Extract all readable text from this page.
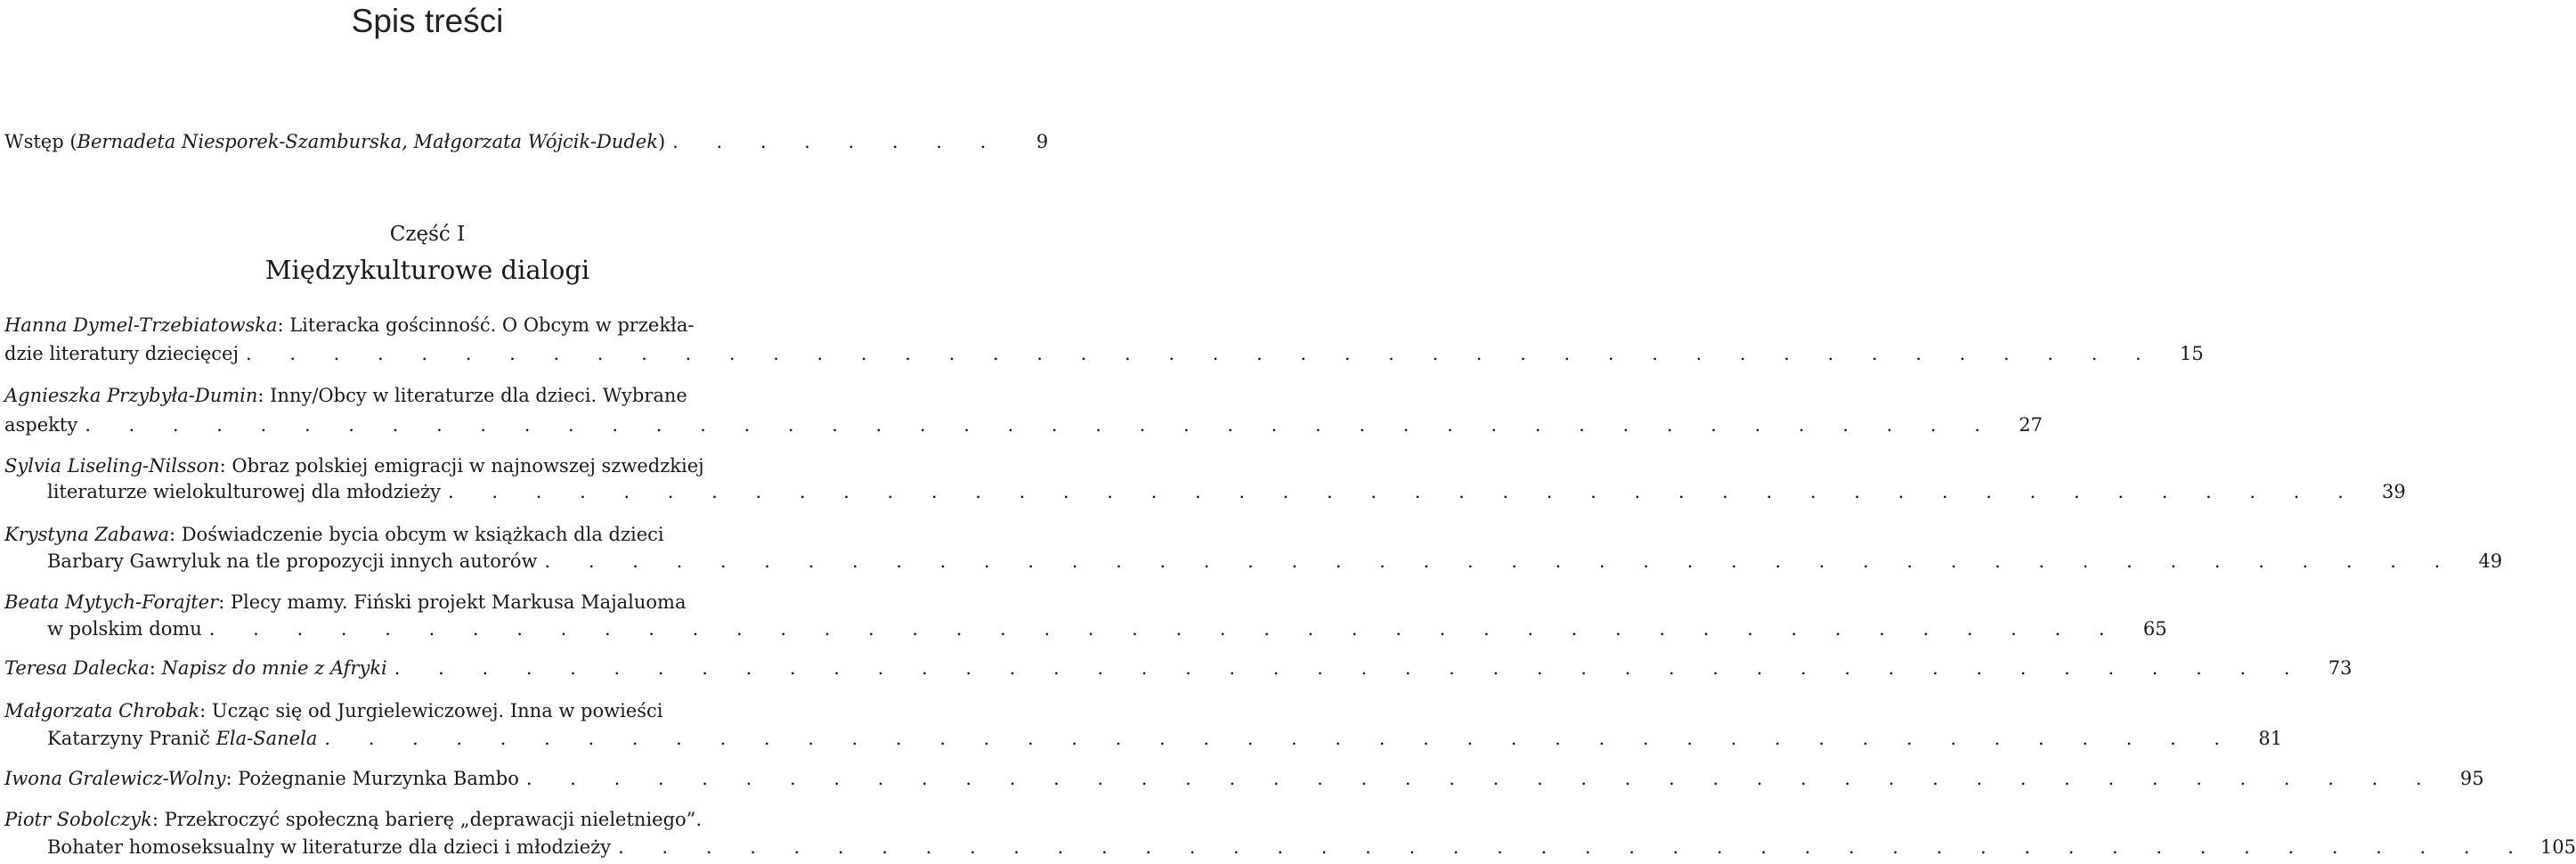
Spis treści
Wstęp (Bernadeta Niesporek-Szamburska, Małgorzata Wójcik-Dudek) . . . . . . . .	9
Część I
Międzykulturowe dialogi
Hanna Dymel-Trzebiatowska: Literacka gościnność. O Obcym w przekła-
dzie literatury dziecięcej . . . . . . . . . . . . . . . . . . . . . . . . . . . . . . . . . . . . . . . . . . . .	15
Agnieszka Przybyła-Dumin: Inny/Obcy w literaturze dla dzieci. Wybrane
aspekty . . . . . . . . . . . . . . . . . . . . . . . . . . . . . . . . . . . . . . . . . . . .	27
Sylvia Liseling-Nilsson: Obraz polskiej emigracji w najnowszej szwedzkiej
literaturze wielokulturowej dla młodzieży . . . . . . . . . . . . . . . . . . . . . . . . . . . . . . . . . . . . . . . . . . . .	39
Krystyna Zabawa: Doświadczenie bycia obcym w książkach dla dzieci
Barbary Gawryluk na tle propozycji innych autorów . . . . . . . . . . . . . . . . . . . . . . . . . . . . . . . . . . . . . . . . . . . .	49
Beata Mytych-Forajter: Plecy mamy. Fiński projekt Markusa Majaluoma
w polskim domu . . . . . . . . . . . . . . . . . . . . . . . . . . . . . . . . . . . . . . . . . . . .	65
Teresa Dalecka: Napisz do mnie z Afryki . . . . . . . . . . . . . . . . . . . . . . . . . . . . . . . . . . . . . . . . . . . .	73
Małgorzata Chrobak: Ucząc się od Jurgielewiczowej. Inna w powieści
Katarzyny Pranič Ela-Sanela . . . . . . . . . . . . . . . . . . . . . . . . . . . . . . . . . . . . . . . . . . . .	81
Iwona Gralewicz-Wolny: Pożegnanie Murzynka Bambo . . . . . . . . . . . . . . . . . . . . . . . . . . . . . . . . . . . . . . . . . . . .	95
Piotr Sobolczyk: Przekroczyć społeczną barierę „deprawacji nieletniego”.
Bohater homoseksualny w literaturze dla dzieci i młodzieży . . . . . . . . . . . . . . . . . . . . . . . . . . . . . . . . . . . . . . . . . . . . 105
